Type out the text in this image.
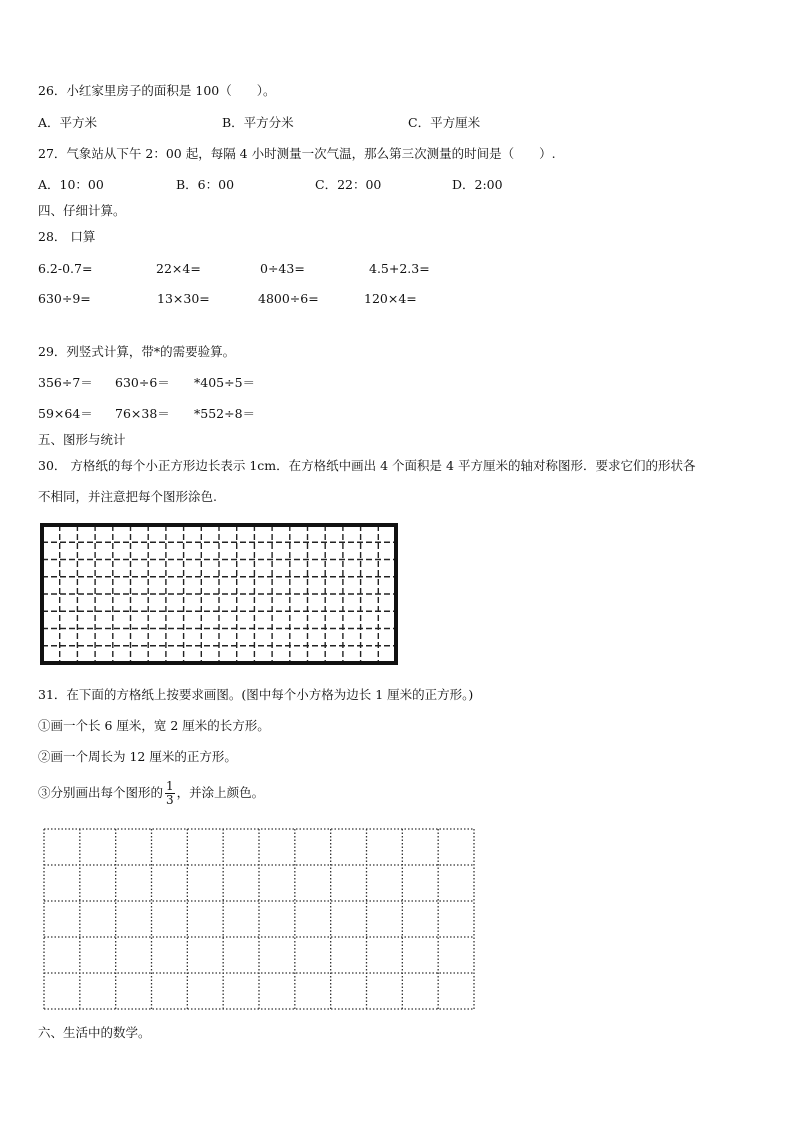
26．小红家里房子的面积是 100（　　）。
A．平方米	B．平方分米	C．平方厘米
27．气象站从下午 2：00 起，每隔 4 小时测量一次气温，那么第三次测量的时间是（　　）.
A．10：00	B．6：00	C．22：00	D．2:00
四、仔细计算。
28． 口算
6.2-0.7=	22×4=	0÷43=	4.5+2.3=
630÷9=	13×30=	4800÷6=	120×4=
29．列竖式计算，带*的需要验算。
356÷7＝ 630÷6＝ *405÷5＝
59×64＝ 76×38＝ *552÷8＝
五、图形与统计
30． 方格纸的每个小正方形边长表示 1cm．在方格纸中画出 4 个面积是 4 平方厘米的轴对称图形．要求它们的形状各
不相同，并注意把每个图形涂色.
31．在下面的方格纸上按要求画图。(图中每个小方格为边长 1 厘米的正方形。)
①画一个长 6 厘米，宽 2 厘米的长方形。
②画一个周长为 12 厘米的正方形。
③分别画出每个图形的 $\frac{1}{3}$ ，并涂上颜色。
六、生活中的数学。
